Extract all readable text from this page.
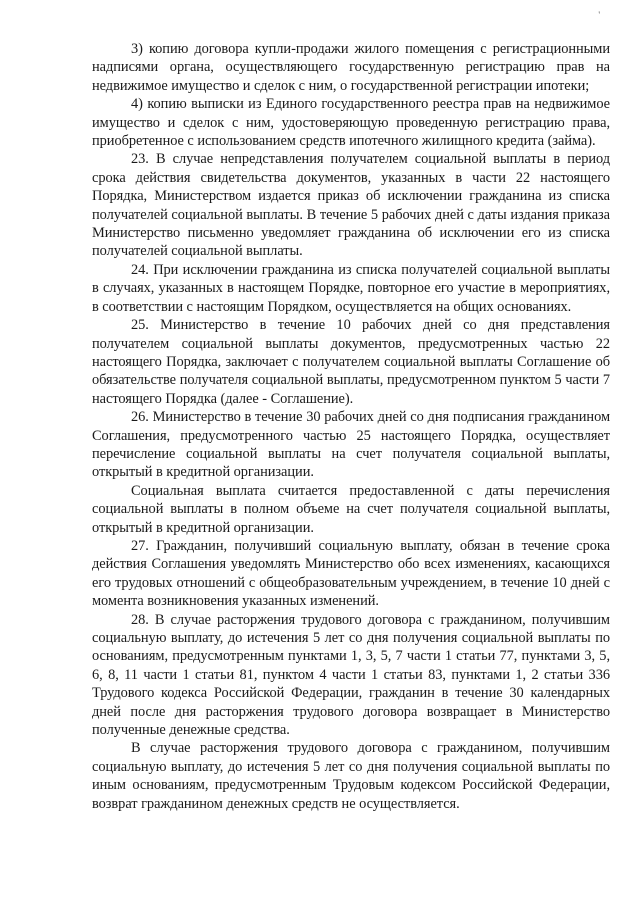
'

3) копию договора купли-продажи жилого помещения с регистрационными надписями органа, осуществляющего государственную регистрацию прав на недвижимое имущество и сделок с ним, о государственной регистрации ипотеки;

4) копию выписки из Единого государственного реестра прав на недвижимое имущество и сделок с ним, удостоверяющую проведенную регистрацию права, приобретенное с использованием средств ипотечного жилищного кредита (займа).

23. В случае непредставления получателем социальной выплаты в период срока действия свидетельства документов, указанных в части 22 настоящего Порядка, Министерством издается приказ об исключении гражданина из списка получателей социальной выплаты. В течение 5 рабочих дней с даты издания приказа Министерство письменно уведомляет гражданина об исключении его из списка получателей социальной выплаты.

24. При исключении гражданина из списка получателей социальной выплаты в случаях, указанных в настоящем Порядке, повторное его участие в мероприятиях, в соответствии с настоящим Порядком, осуществляется на общих основаниях.

25. Министерство в течение 10 рабочих дней со дня представления получателем социальной выплаты документов, предусмотренных частью 22 настоящего Порядка, заключает с получателем социальной выплаты Соглашение об обязательстве получателя социальной выплаты, предусмотренном пунктом 5 части 7 настоящего Порядка (далее - Соглашение).

26. Министерство в течение 30 рабочих дней со дня подписания гражданином Соглашения, предусмотренного частью 25 настоящего Порядка, осуществляет перечисление социальной выплаты на счет получателя социальной выплаты, открытый в кредитной организации.

Социальная выплата считается предоставленной с даты перечисления социальной выплаты в полном объеме на счет получателя социальной выплаты, открытый в кредитной организации.

27. Гражданин, получивший социальную выплату, обязан в течение срока действия Соглашения уведомлять Министерство обо всех изменениях, касающихся его трудовых отношений с общеобразовательным учреждением, в течение 10 дней с момента возникновения указанных изменений.

28. В случае расторжения трудового договора с гражданином, получившим социальную выплату, до истечения 5 лет со дня получения социальной выплаты по основаниям, предусмотренным пунктами 1, 3, 5, 7 части 1 статьи 77, пунктами 3, 5, 6, 8, 11 части 1 статьи 81, пунктом 4 части 1 статьи 83, пунктами 1, 2 статьи 336 Трудового кодекса Российской Федерации, гражданин в течение 30 календарных дней после дня расторжения трудового договора возвращает в Министерство полученные денежные средства.

В случае расторжения трудового договора с гражданином, получившим социальную выплату, до истечения 5 лет со дня получения социальной выплаты по иным основаниям, предусмотренным Трудовым кодексом Российской Федерации, возврат гражданином денежных средств не осуществляется.
